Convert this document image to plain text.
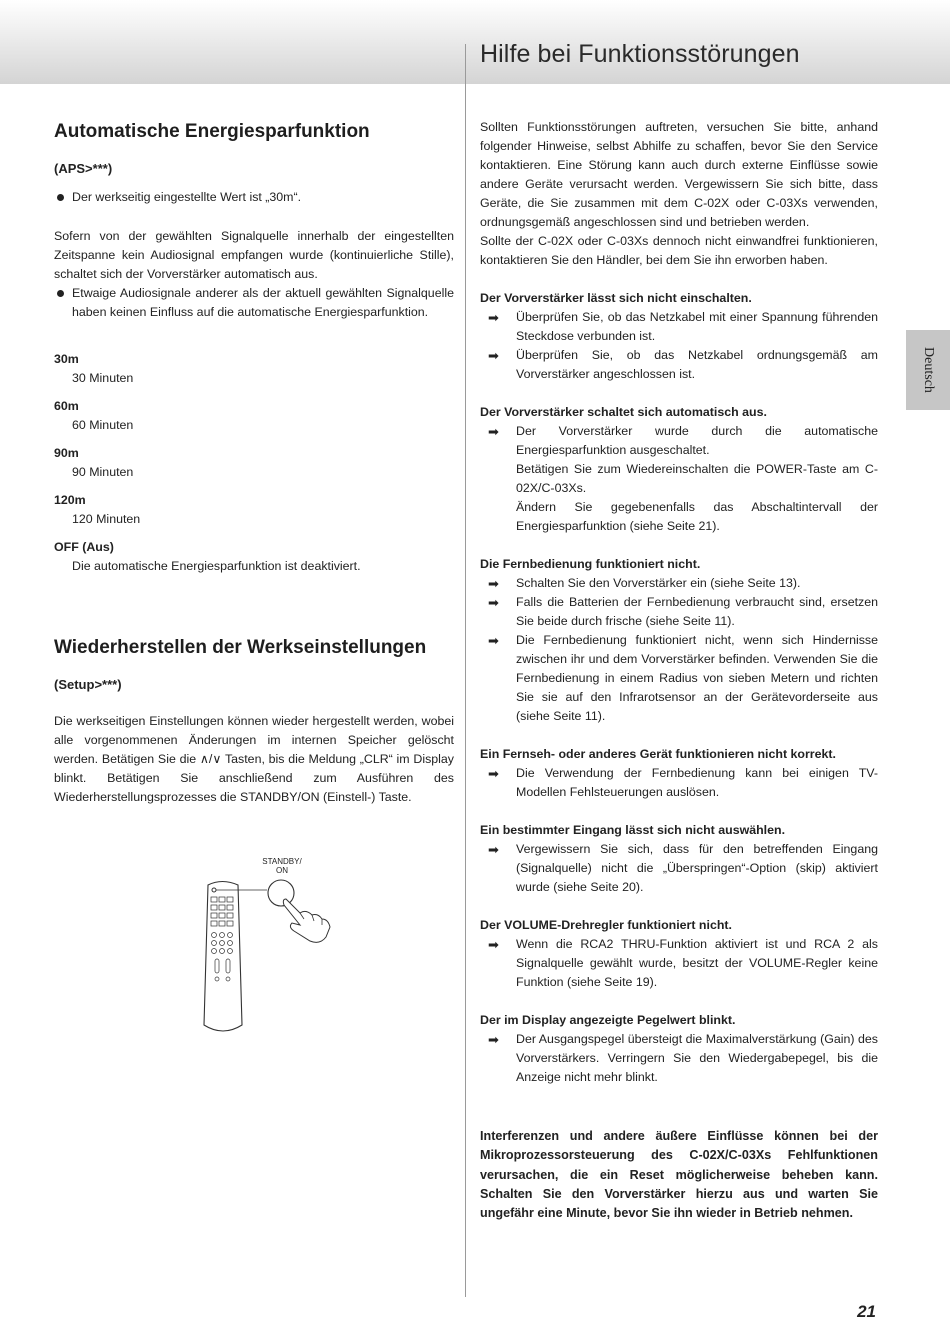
Hilfe bei Funktionsstörungen
Deutsch
Automatische Energiesparfunktion
(APS>***)
Der werkseitig eingestellte Wert ist „30m“.

Sofern von der gewählten Signalquelle innerhalb der eingestellten Zeitspanne kein Audiosignal empfangen wurde (kontinuierliche Stille), schaltet sich der Vorverstärker automatisch aus.

Etwaige Audiosignale anderer als der aktuell gewählten Signalquelle haben keinen Einfluss auf die automatische Energiesparfunktion.
30m
30 Minuten
60m
60 Minuten
90m
90 Minuten
120m
120 Minuten
OFF (Aus)
Die automatische Energiesparfunktion ist deaktiviert.
Wiederherstellen der Werkseinstellungen
(Setup>***)

Die werkseitigen Einstellungen können wieder hergestellt werden, wobei alle vorgenommenen Änderungen im internen Speicher gelöscht werden. Betätigen Sie die ∧/∨ Tasten, bis die Meldung „CLR“ im Display blinkt. Betätigen Sie anschließend zum Ausführen des Wiederherstellungsprozesses die STANDBY/ON (Einstell-) Taste.

STANDBY/
ON

Sollten Funktionsstörungen auftreten, versuchen Sie bitte, anhand folgender Hinweise, selbst Abhilfe zu schaffen, bevor Sie den Service kontaktieren. Eine Störung kann auch durch externe Einflüsse sowie andere Geräte verursacht werden. Vergewissern Sie sich bitte, dass Geräte, die Sie zusammen mit dem C-02X oder C-03Xs verwenden, ordnungsgemäß angeschlossen sind und betrieben werden.

Sollte der C-02X oder C-03Xs dennoch nicht einwandfrei funktionieren, kontaktieren Sie den Händler, bei dem Sie ihn erworben haben.

Der Vorverstärker lässt sich nicht einschalten.
➡ Überprüfen Sie, ob das Netzkabel mit einer Spannung führenden Steckdose verbunden ist.
➡ Überprüfen Sie, ob das Netzkabel ordnungsgemäß am Vorverstärker angeschlossen ist.
Der Vorverstärker schaltet sich automatisch aus.
➡ Der Vorverstärker wurde durch die automatische Energiesparfunktion ausgeschaltet.
Betätigen Sie zum Wiedereinschalten die POWER-Taste am C-02X/C-03Xs.
Ändern Sie gegebenenfalls das Abschaltintervall der Energiesparfunktion (siehe Seite 21).
Die Fernbedienung funktioniert nicht.
➡ Schalten Sie den Vorverstärker ein (siehe Seite 13).
➡ Falls die Batterien der Fernbedienung verbraucht sind, ersetzen Sie beide durch frische (siehe Seite 11).
➡ Die Fernbedienung funktioniert nicht, wenn sich Hindernisse zwischen ihr und dem Vorverstärker befinden. Verwenden Sie die Fernbedienung in einem Radius von sieben Metern und richten Sie sie auf den Infrarotsensor an der Gerätevorderseite aus (siehe Seite 11).
Ein Fernseh- oder anderes Gerät funktionieren nicht korrekt.
➡ Die Verwendung der Fernbedienung kann bei einigen TV-Modellen Fehlsteuerungen auslösen.
Ein bestimmter Eingang lässt sich nicht auswählen.
➡ Vergewissern Sie sich, dass für den betreffenden Eingang (Signalquelle) nicht die „Überspringen“-Option (skip) aktiviert wurde (siehe Seite 20).
Der VOLUME-Drehregler funktioniert nicht.
➡ Wenn die RCA2 THRU-Funktion aktiviert ist und RCA 2 als Signalquelle gewählt wurde, besitzt der VOLUME-Regler keine Funktion (siehe Seite 19).
Der im Display angezeigte Pegelwert blinkt.
➡ Der Ausgangspegel übersteigt die Maximalverstärkung (Gain) des Vorverstärkers. Verringern Sie den Wiedergabepegel, bis die Anzeige nicht mehr blinkt.
Interferenzen und andere äußere Einflüsse können bei der Mikroprozessorsteuerung des C-02X/C-03Xs Fehlfunktionen verursachen, die ein Reset möglicherweise beheben kann. Schalten Sie den Vorverstärker hierzu aus und warten Sie ungefähr eine Minute, bevor Sie ihn wieder in Betrieb nehmen.
21
